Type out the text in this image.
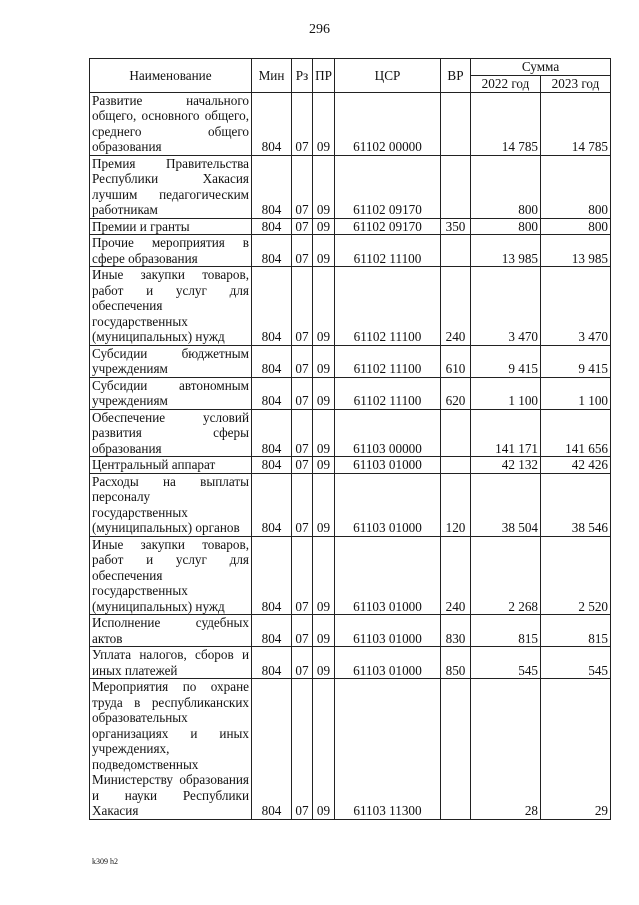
296
Наименование	Мин	Рз	ПР	ЦСР	ВР	Сумма	
						2022 год	2023 год
Развитие начального общего, основного общего, среднего общего образования	804	07	09	61102 00000		14 785	14 785
Премия Правительства Республики Хакасия лучшим педагогическим работникам	804	07	09	61102 09170		800	800
Премии и гранты	804	07	09	61102 09170	350	800	800
Прочие мероприятия в сфере образования	804	07	09	61102 11100		13 985	13 985
Иные закупки товаров, работ и услуг для обеспечения государственных (муниципальных) нужд	804	07	09	61102 11100	240	3 470	3 470
Субсидии бюджетным учреждениям	804	07	09	61102 11100	610	9 415	9 415
Субсидии автономным учреждениям	804	07	09	61102 11100	620	1 100	1 100
Обеспечение условий развития сферы образования	804	07	09	61103 00000		141 171	141 656
Центральный аппарат	804	07	09	61103 01000		42 132	42 426
Расходы на выплаты персоналу государственных (муниципальных) органов	804	07	09	61103 01000	120	38 504	38 546
Иные закупки товаров, работ и услуг для обеспечения государственных (муниципальных) нужд	804	07	09	61103 01000	240	2 268	2 520
Исполнение судебных актов	804	07	09	61103 01000	830	815	815
Уплата налогов, сборов и иных платежей	804	07	09	61103 01000	850	545	545
Мероприятия по охране труда в республиканских образовательных организациях и иных учреждениях, подведомственных Министерству образования и науки Республики Хакасия	804	07	09	61103 11300		28	29
k309 h2
